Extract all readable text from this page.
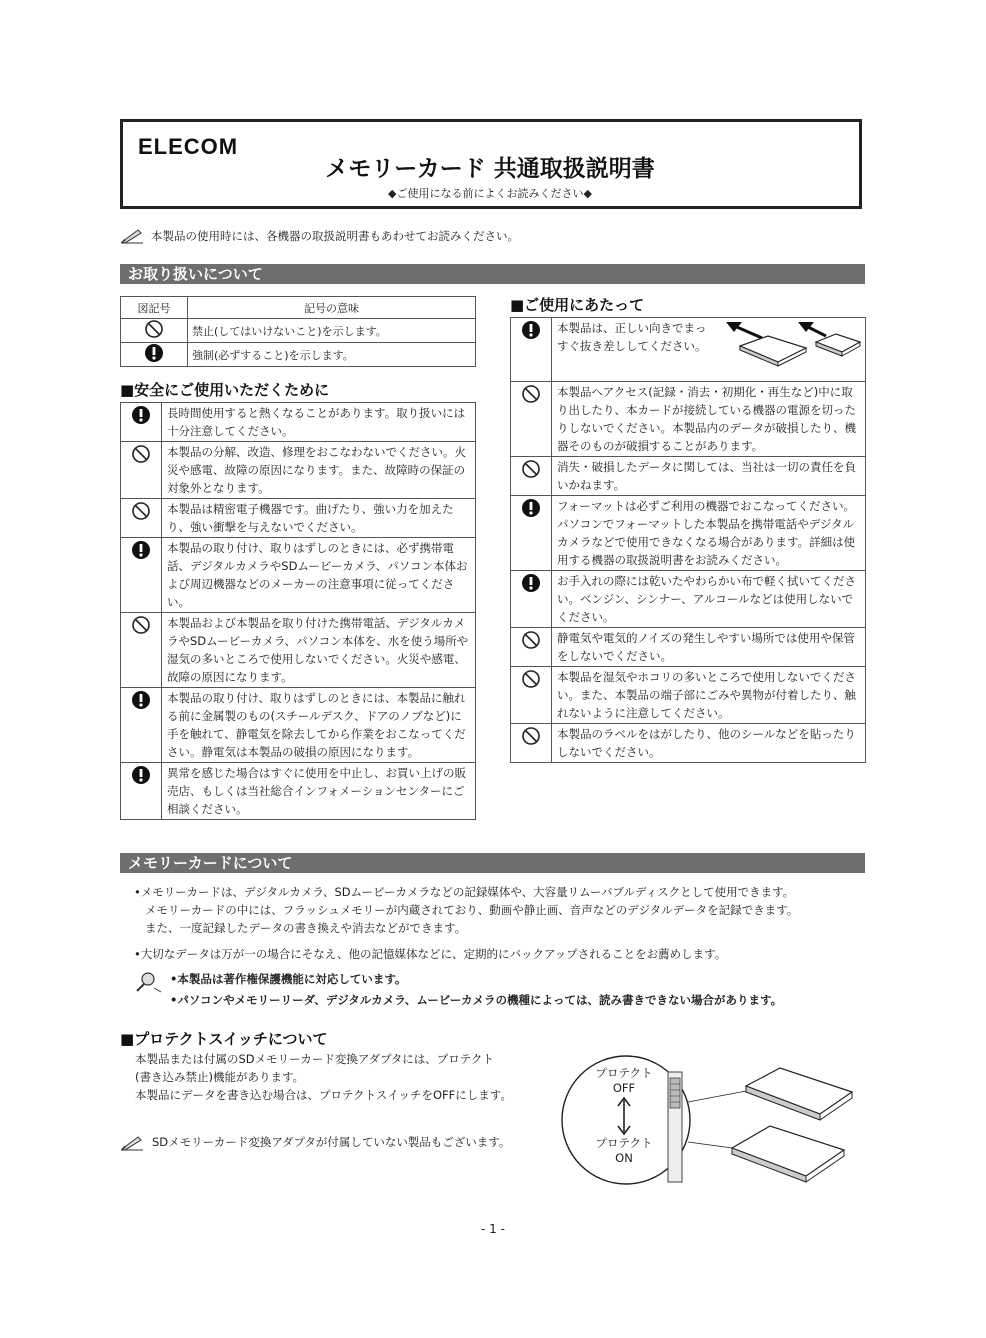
ELECOM
メモリーカード 共通取扱説明書
◆ご使用になる前によくお読みください◆
本製品の使用時には、各機器の取扱説明書もあわせてお読みください。
お取り扱いについて
図記号	記号の意味
	禁止(してはいけないこと)を示します。
	強制(必ずすること)を示します。
■安全にご使用いただくために

長時間使用すると熱くなることがあります。取り扱いには十分注意してください。

本製品の分解、改造、修理をおこなわないでください。火災や感電、故障の原因になります。また、故障時の保証の対象外となります。

本製品は精密電子機器です。曲げたり、強い力を加えたり、強い衝撃を与えないでください。

本製品の取り付け、取りはずしのときには、必ず携帯電話、デジタルカメラやSDムービーカメラ、パソコン本体および周辺機器などのメーカーの注意事項に従ってください。

本製品および本製品を取り付けた携帯電話、デジタルカメラやSDムービーカメラ、パソコン本体を、水を使う場所や湿気の多いところで使用しないでください。火災や感電、故障の原因になります。

本製品の取り付け、取りはずしのときには、本製品に触れる前に金属製のもの(スチールデスク、ドアのノブなど)に手を触れて、静電気を除去してから作業をおこなってください。静電気は本製品の破損の原因になります。

異常を感じた場合はすぐに使用を中止し、お買い上げの販売店、もしくは当社総合インフォメーションセンターにご相談ください。
■ご使用にあたって

本製品は、正しい向きでまっすぐ抜き差ししてください。

本製品へアクセス(記録・消去・初期化・再生など)中に取り出したり、本カードが接続している機器の電源を切ったりしないでください。本製品内のデータが破損したり、機器そのものが破損することがあります。

消失・破損したデータに関しては、当社は一切の責任を負いかねます。

フォーマットは必ずご利用の機器でおこなってください。パソコンでフォーマットした本製品を携帯電話やデジタルカメラなどで使用できなくなる場合があります。詳細は使用する機器の取扱説明書をお読みください。

お手入れの際には乾いたやわらかい布で軽く拭いてください。ベンジン、シンナー、アルコールなどは使用しないでください。

静電気や電気的ノイズの発生しやすい場所では使用や保管をしないでください。

本製品を湿気やホコリの多いところで使用しないでください。また、本製品の端子部にごみや異物が付着したり、触れないように注意してください。

本製品のラベルをはがしたり、他のシールなどを貼ったりしないでください。
メモリーカードについて
•メモリーカードは、デジタルカメラ、SDムービーカメラなどの記録媒体や、大容量リムーバブルディスクとして使用できます。
メモリーカードの中には、フラッシュメモリーが内蔵されており、動画や静止画、音声などのデジタルデータを記録できます。
また、一度記録したデータの書き換えや消去などができます。
•大切なデータは万が一の場合にそなえ、他の記憶媒体などに、定期的にバックアップされることをお薦めします。
•本製品は著作権保護機能に対応しています。
•パソコンやメモリーリーダ、デジタルカメラ、ムービーカメラの機種によっては、読み書きできない場合があります。
■プロテクトスイッチについて
本製品または付属のSDメモリーカード変換アダプタには、プロテクト
(書き込み禁止)機能があります。
本製品にデータを書き込む場合は、プロテクトスイッチをOFFにします。
SDメモリーカード変換アダプタが付属していない製品もございます。
プロテクト
OFF
プロテクト
ON
- 1 -
